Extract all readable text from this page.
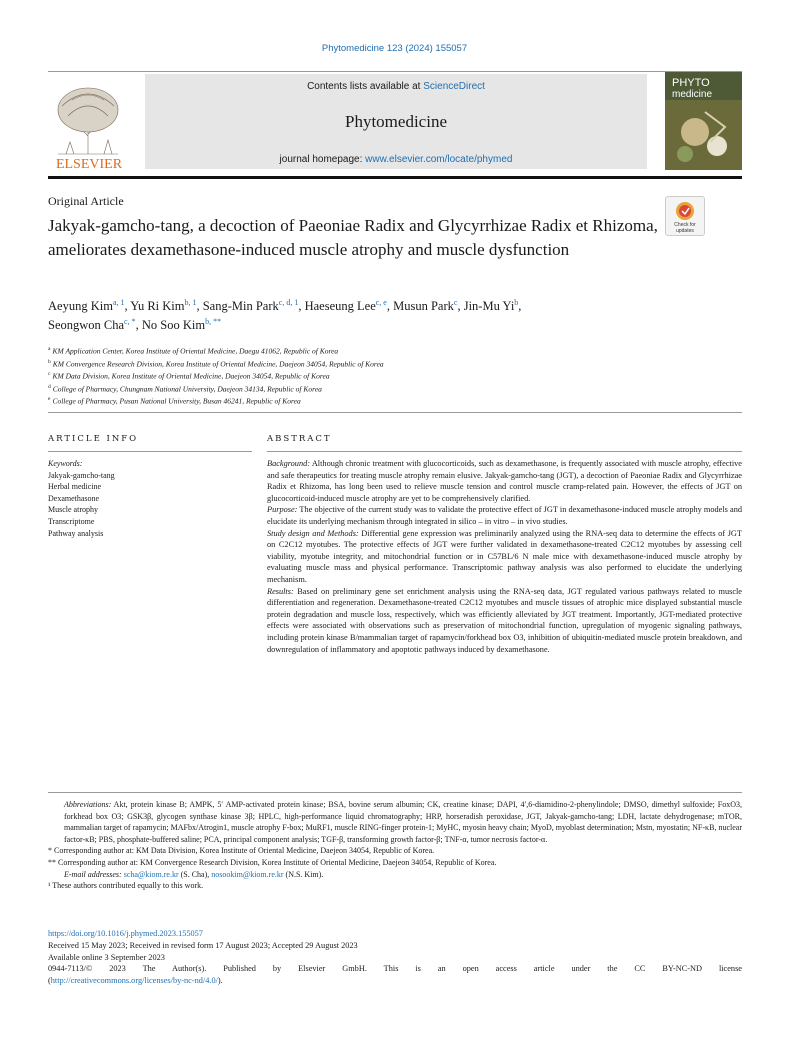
Phytomedicine 123 (2024) 155057
ELSEVIER
Contents lists available at ScienceDirect
Phytomedicine
journal homepage: www.elsevier.com/locate/phymed
PHYTO
medicine
Original Article
Jakyak-gamcho-tang, a decoction of Paeoniae Radix and Glycyrrhizae Radix et Rhizoma, ameliorates dexamethasone-induced muscle atrophy and muscle dysfunction
Check for
updates
Aeyung Kim$^{a, 1}$, Yu Ri Kim$^{b, 1}$, Sang-Min Park$^{c, d, 1}$, Haeseung Lee$^{c, e}$, Musun Park$^c$, Jin-Mu Yi$^b$,
Seongwon Cha$^{c, *}$, No Soo Kim$^{b, **}$
$^a$ KM Application Center, Korea Institute of Oriental Medicine, Daegu 41062, Republic of Korea
$^b$ KM Convergence Research Division, Korea Institute of Oriental Medicine, Daejeon 34054, Republic of Korea
$^c$ KM Data Division, Korea Institute of Oriental Medicine, Daejeon 34054, Republic of Korea
$^d$ College of Pharmacy, Chungnam National University, Daejeon 34134, Republic of Korea
$^e$ College of Pharmacy, Pusan National University, Busan 46241, Republic of Korea
ARTICLE INFO	ABSTRACT
Keywords:
Jakyak-gamcho-tang
Herbal medicine
Dexamethasone
Muscle atrophy
Transcriptome
Pathway analysis

Background: Although chronic treatment with glucocorticoids, such as dexamethasone, is frequently associated with muscle atrophy, effective and safe therapeutics for treating muscle atrophy remain elusive. Jakyak-gamcho-tang (JGT), a decoction of Paeoniae Radix and Glycyrrhizae Radix et Rhizoma, has long been used to relieve muscle tension and control muscle cramp-related pain. However, the effects of JGT on glucocorticoid-induced muscle atrophy are yet to be comprehensively clarified.

Purpose: The objective of the current study was to validate the protective effect of JGT in dexamethasone-induced muscle atrophy models and elucidate its underlying mechanism through integrated in silico – in vitro – in vivo studies.

Study design and Methods: Differential gene expression was preliminarily analyzed using the RNA-seq data to determine the effects of JGT on C2C12 myotubes. The protective effects of JGT were further validated in dexamethasone-treated C2C12 myotubes by assessing cell viability, myotube integrity, and mitochondrial function or in C57BL/6 N male mice with dexamethasone-induced muscle atrophy by evaluating muscle mass and physical performance. Transcriptomic pathway analysis was also performed to elucidate the underlying mechanism.

Results: Based on preliminary gene set enrichment analysis using the RNA-seq data, JGT regulated various pathways related to muscle differentiation and regeneration. Dexamethasone-treated C2C12 myotubes and muscle tissues of atrophic mice displayed substantial muscle protein degradation and muscle loss, respectively, which was efficiently alleviated by JGT treatment. Importantly, JGT-mediated protective effects were associated with observations such as preservation of mitochondrial function, upregulation of myogenic signaling pathways, including protein kinase B/mammalian target of rapamycin/forkhead box O3, inhibition of ubiquitin-mediated muscle protein breakdown, and downregulation of inflammatory and apoptotic pathways induced by dexamethasone.

Abbreviations: Akt, protein kinase B; AMPK, 5′ AMP-activated protein kinase; BSA, bovine serum albumin; CK, creatine kinase; DAPI, 4′,6-diamidino-2-phenylindole; DMSO, dimethyl sulfoxide; FoxO3, forkhead box O3; GSK3β, glycogen synthase kinase 3β; HPLC, high-performance liquid chromatography; HRP, horseradish peroxidase, JGT, Jakyak-gamcho-tang; LDH, lactate dehydrogenase; mTOR, mammalian target of rapamycin; MAFbx/Atrogin1, muscle atrophy F-box; MuRF1, muscle RING-finger protein-1; MyHC, myosin heavy chain; MyoD, myoblast determination; Mstn, myostatin; NF-κB, nuclear factor-κB; PBS, phosphate-buffered saline; PCA, principal component analysis; TGF-β, transforming growth factor-β; TNF-α, tumor necrosis factor-α.

* Corresponding author at: KM Data Division, Korea Institute of Oriental Medicine, Daejeon 34054, Republic of Korea.

** Corresponding author at: KM Convergence Research Division, Korea Institute of Oriental Medicine, Daejeon 34054, Republic of Korea.

E-mail addresses: scha@kiom.re.kr (S. Cha), nosookim@kiom.re.kr (N.S. Kim).

¹ These authors contributed equally to this work.

https://doi.org/10.1016/j.phymed.2023.155057

Received 15 May 2023; Received in revised form 17 August 2023; Accepted 29 August 2023

Available online 3 September 2023

0944-7113/© 2023 The Author(s). Published by Elsevier GmbH. This is an open access article under the CC BY-NC-ND license

(http://creativecommons.org/licenses/by-nc-nd/4.0/).
